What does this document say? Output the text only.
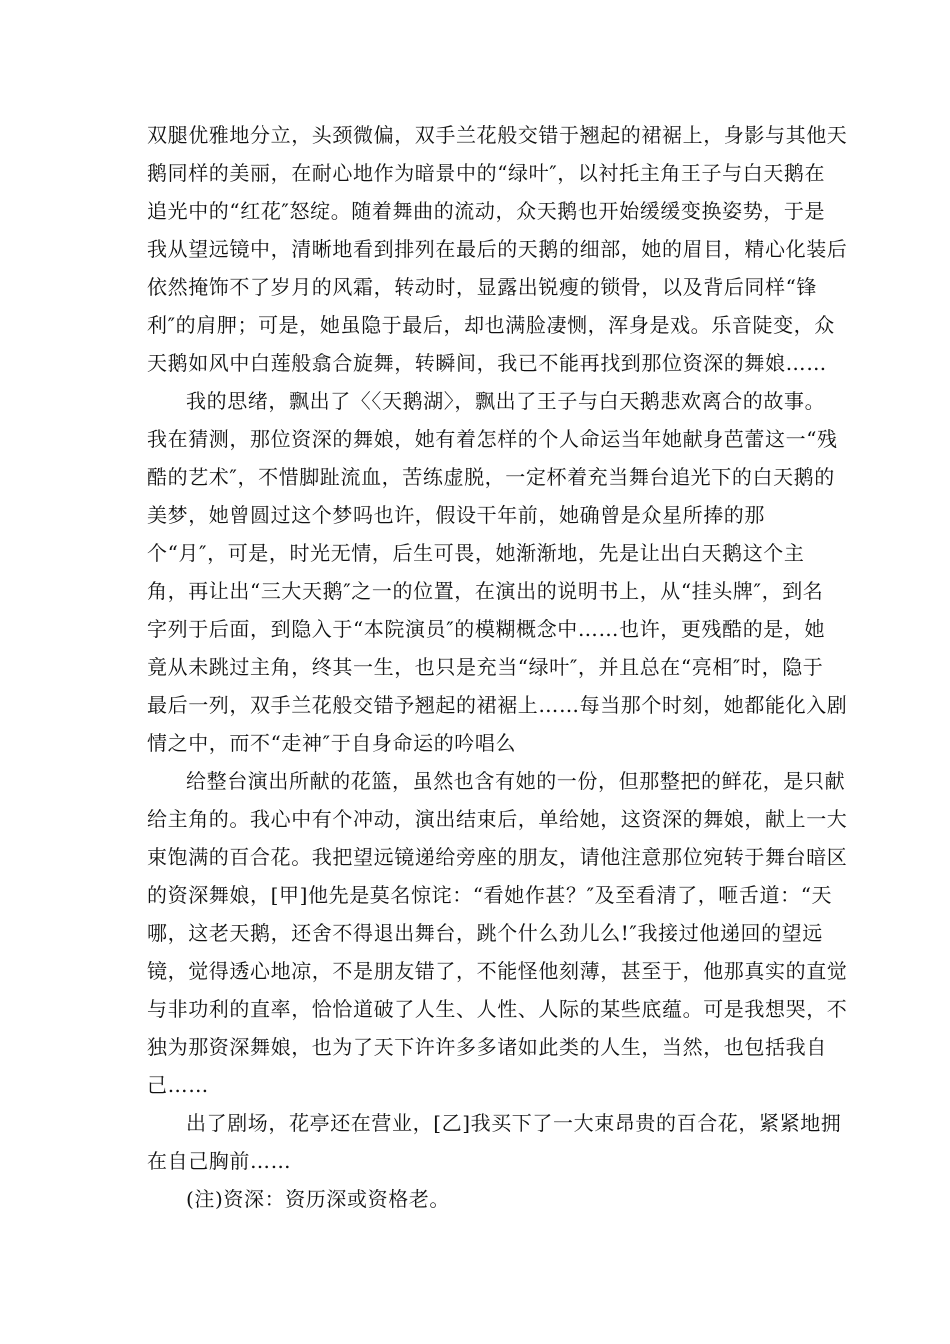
双腿优雅地分立，头颈微偏，双手兰花般交错于翘起的裙裾上，身影与其他天
鹅同样的美丽，在耐心地作为暗景中的“绿叶″，以衬托主角王子与白天鹅在
追光中的“红花″怒绽。随着舞曲的流动，众天鹅也开始缓缓变换姿势，于是
我从望远镜中，清晰地看到排列在最后的天鹅的细部，她的眉目，精心化装后
依然掩饰不了岁月的风霜，转动时，显露出锐瘦的锁骨，以及背后同样“锋
利″的肩胛；可是，她虽隐于最后，却也满脸凄恻，浑身是戏。乐音陡变，众
天鹅如风中白莲般翕合旋舞，转瞬间，我已不能再找到那位资深的舞娘……
我的思绪，飘出了〈〈天鹅湖〉，飘出了王子与白天鹅悲欢离合的故事。
我在猜测，那位资深的舞娘，她有着怎样的个人命运当年她献身芭蕾这一“残
酷的艺术″，不惜脚趾流血，苦练虚脱，一定杯着充当舞台追光下的白天鹅的
美梦，她曾圆过这个梦吗也许，假设干年前，她确曾是众星所捧的那
个“月″，可是，时光无情，后生可畏，她渐渐地，先是让出白天鹅这个主
角，再让出“三大天鹅″之一的位置，在演出的说明书上，从“挂头牌″，到名
字列于后面，到隐入于“本院演员″的模糊概念中……也许，更残酷的是，她
竟从未跳过主角，终其一生，也只是充当“绿叶″，并且总在“亮相″时，隐于
最后一列，双手兰花般交错予翘起的裙裾上……每当那个时刻，她都能化入剧
情之中，而不“走神″于自身命运的吟唱么
给整台演出所献的花篮，虽然也含有她的一份，但那整把的鲜花，是只献
给主角的。我心中有个冲动，演出结束后，单给她，这资深的舞娘，献上一大
束饱满的百合花。我把望远镜递给旁座的朋友，请他注意那位宛转于舞台暗区
的资深舞娘，[甲]他先是莫名惊诧：“看她作甚？″及至看清了，咂舌道：“天
哪，这老天鹅，还舍不得退出舞台，跳个什么劲儿么!″我接过他递回的望远
镜，觉得透心地凉，不是朋友错了，不能怪他刻薄，甚至于，他那真实的直觉
与非功利的直率，恰恰道破了人生、人性、人际的某些底蕴。可是我想哭，不
独为那资深舞娘，也为了天下许许多多诸如此类的人生，当然，也包括我自
己……
出了剧场，花亭还在营业，[乙]我买下了一大束昂贵的百合花，紧紧地拥
在自己胸前……
(注)资深：资历深或资格老。
